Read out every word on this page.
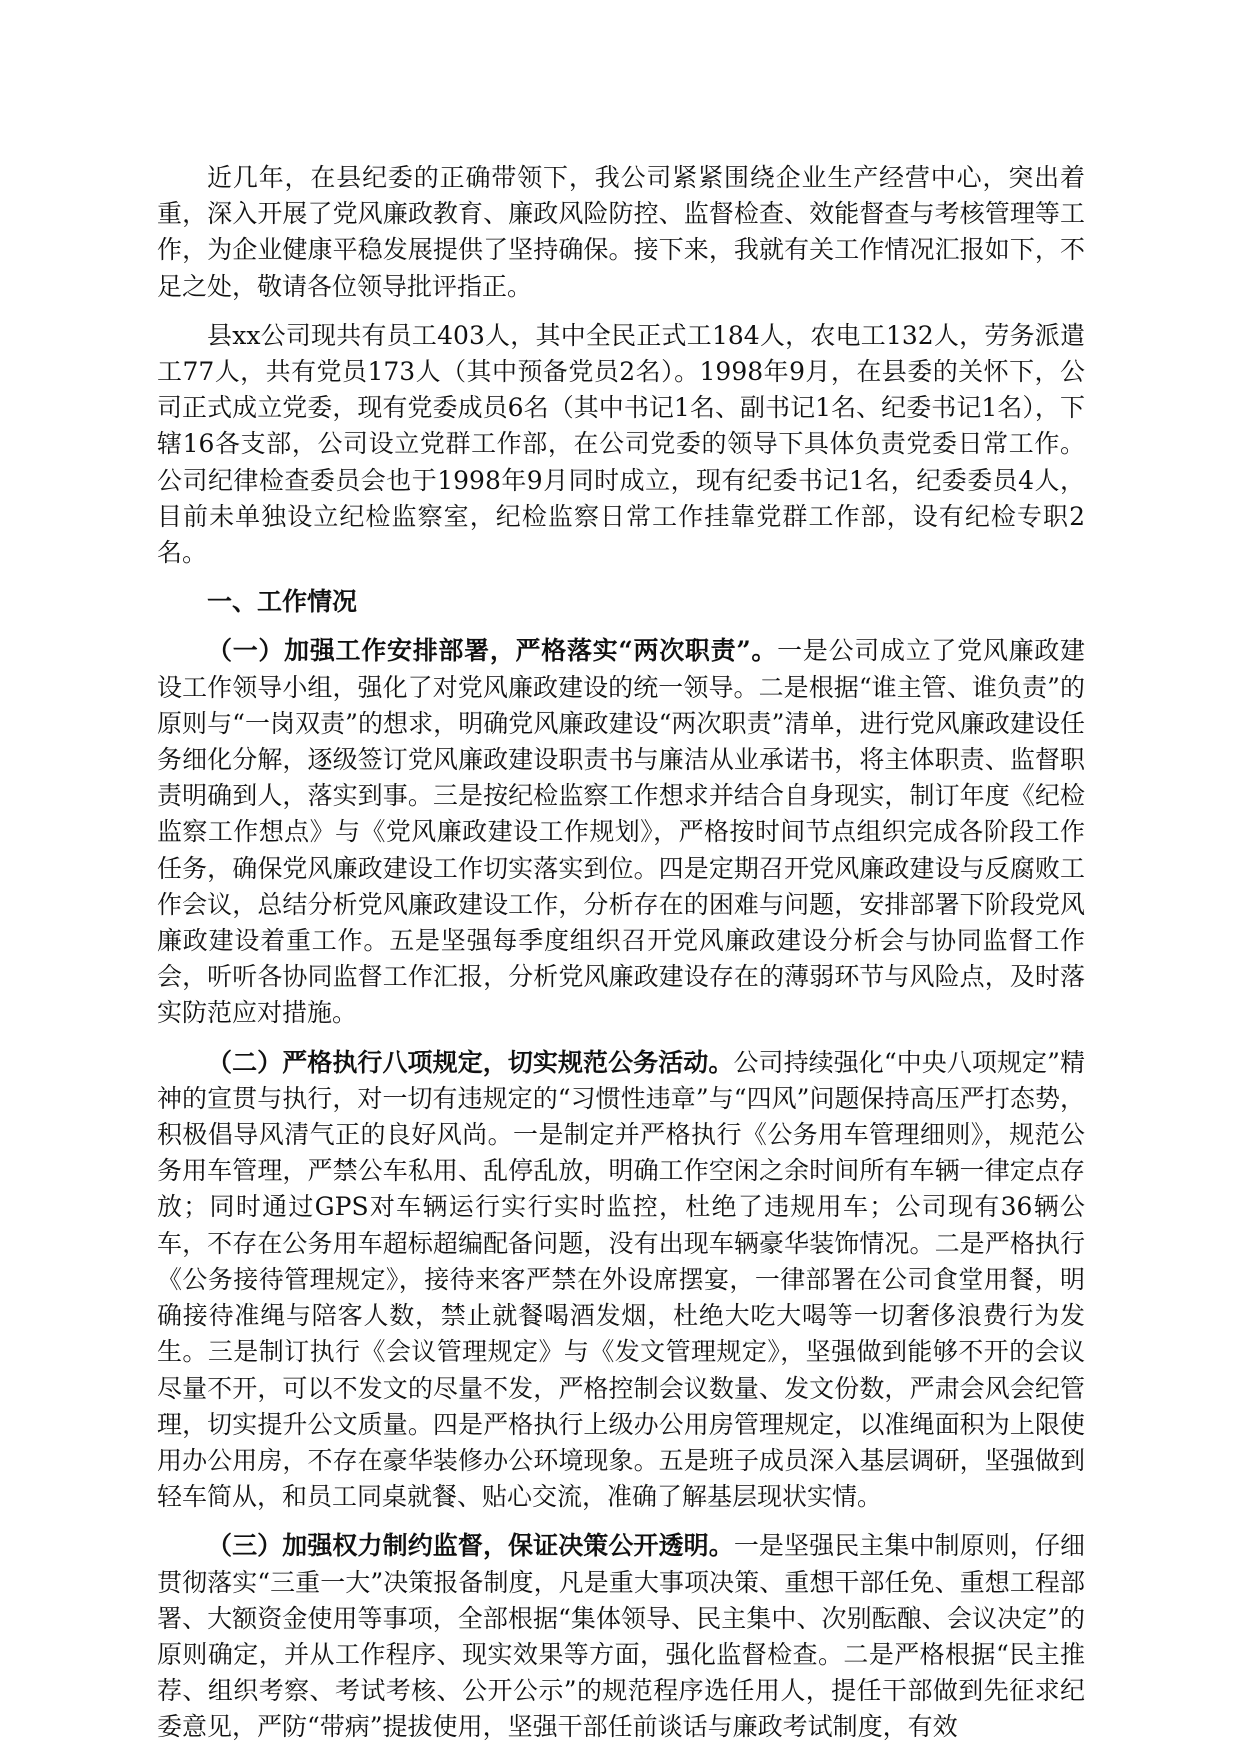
近几年，在县纪委的正确带领下，我公司紧紧围绕企业生产经营中心，突出着重，深入开展了党风廉政教育、廉政风险防控、监督检查、效能督查与考核管理等工作，为企业健康平稳发展提供了坚持确保。接下来，我就有关工作情况汇报如下，不足之处，敬请各位领导批评指正。

县xx公司现共有员工403人，其中全民正式工184人，农电工132人，劳务派遣工77人，共有党员173人（其中预备党员2名）。1998年9月，在县委的关怀下，公司正式成立党委，现有党委成员6名（其中书记1名、副书记1名、纪委书记1名），下辖16各支部，公司设立党群工作部，在公司党委的领导下具体负责党委日常工作。公司纪律检查委员会也于1998年9月同时成立，现有纪委书记1名，纪委委员4人，目前未单独设立纪检监察室，纪检监察日常工作挂靠党群工作部，设有纪检专职2名。

一、工作情况

（一）加强工作安排部署，严格落实“两次职责”。一是公司成立了党风廉政建设工作领导小组，强化了对党风廉政建设的统一领导。二是根据“谁主管、谁负责”的原则与“一岗双责”的想求，明确党风廉政建设“两次职责”清单，进行党风廉政建设任务细化分解，逐级签订党风廉政建设职责书与廉洁从业承诺书，将主体职责、监督职责明确到人，落实到事。三是按纪检监察工作想求并结合自身现实，制订年度《纪检监察工作想点》与《党风廉政建设工作规划》，严格按时间节点组织完成各阶段工作任务，确保党风廉政建设工作切实落实到位。四是定期召开党风廉政建设与反腐败工作会议，总结分析党风廉政建设工作，分析存在的困难与问题，安排部署下阶段党风廉政建设着重工作。五是坚强每季度组织召开党风廉政建设分析会与协同监督工作会，听听各协同监督工作汇报，分析党风廉政建设存在的薄弱环节与风险点，及时落实防范应对措施。

（二）严格执行八项规定，切实规范公务活动。公司持续强化“中央八项规定”精神的宣贯与执行，对一切有违规定的“习惯性违章”与“四风”问题保持高压严打态势，积极倡导风清气正的良好风尚。一是制定并严格执行《公务用车管理细则》，规范公务用车管理，严禁公车私用、乱停乱放，明确工作空闲之余时间所有车辆一律定点存放；同时通过GPS对车辆运行实行实时监控，杜绝了违规用车；公司现有36辆公车，不存在公务用车超标超编配备问题，没有出现车辆豪华装饰情况。二是严格执行《公务接待管理规定》，接待来客严禁在外设席摆宴，一律部署在公司食堂用餐，明确接待准绳与陪客人数，禁止就餐喝酒发烟，杜绝大吃大喝等一切奢侈浪费行为发生。三是制订执行《会议管理规定》与《发文管理规定》，坚强做到能够不开的会议尽量不开，可以不发文的尽量不发，严格控制会议数量、发文份数，严肃会风会纪管理，切实提升公文质量。四是严格执行上级办公用房管理规定，以准绳面积为上限使用办公用房，不存在豪华装修办公环境现象。五是班子成员深入基层调研，坚强做到轻车简从，和员工同桌就餐、贴心交流，准确了解基层现状实情。

（三）加强权力制约监督，保证决策公开透明。一是坚强民主集中制原则，仔细贯彻落实“三重一大”决策报备制度，凡是重大事项决策、重想干部任免、重想工程部署、大额资金使用等事项，全部根据“集体领导、民主集中、次别酝酿、会议决定”的原则确定，并从工作程序、现实效果等方面，强化监督检查。二是严格根据“民主推荐、组织考察、考试考核、公开公示”的规范程序选任用人，提任干部做到先征求纪委意见，严防“带病”提拔使用，坚强干部任前谈话与廉政考试制度，有效
